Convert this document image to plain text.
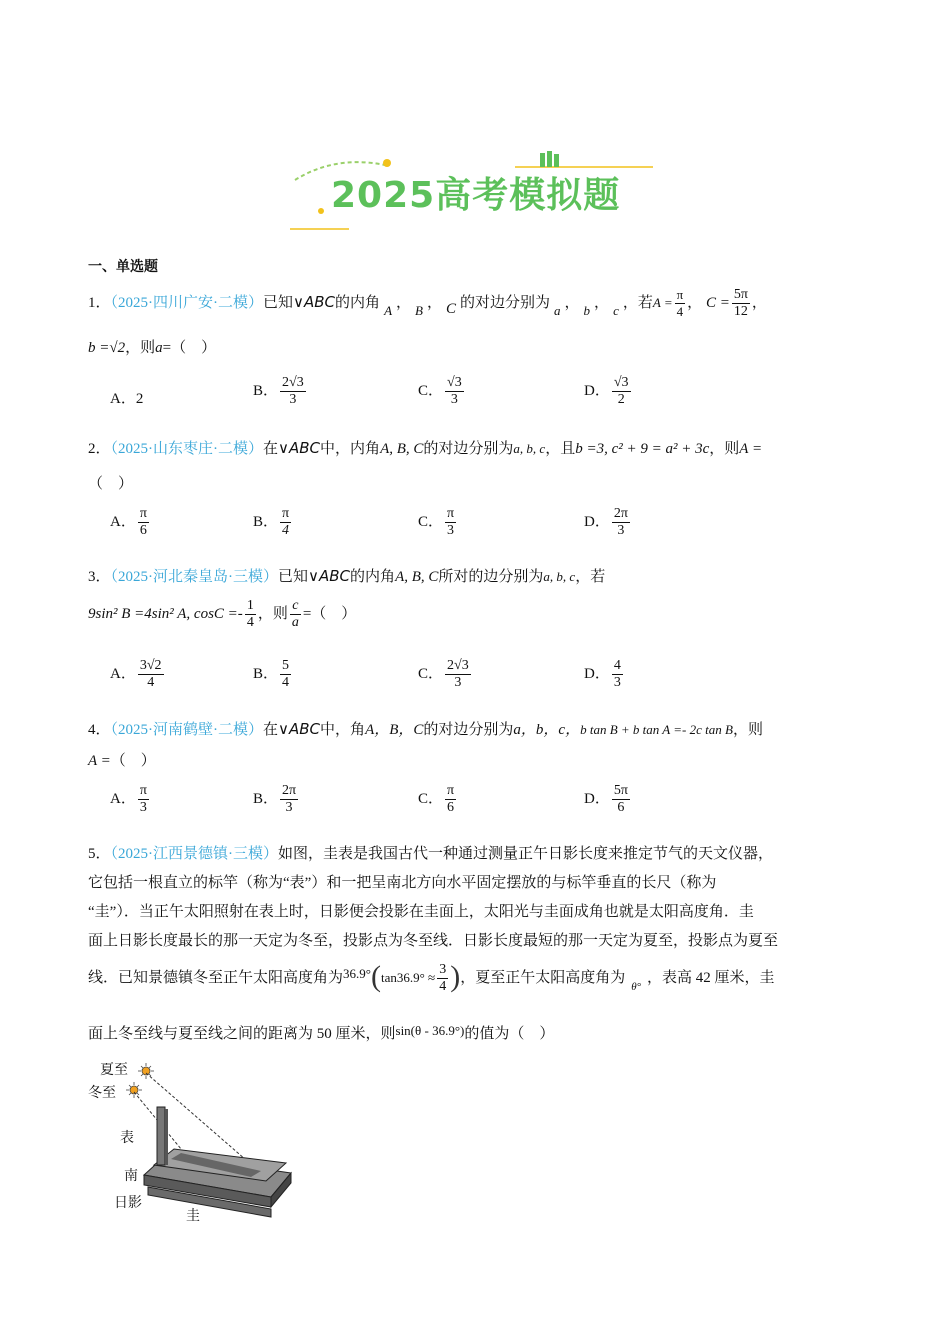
2025高考模拟题
一、单选题
1．（2025·四川广安·二模）已知∨ABC的内角 A ， B ， C 的对边分别为 a ， b ， c ，若$A = \frac{\pi}{4}$ ， $C = \frac{5\pi}{12}$ ，
b =√2，则a=（　）
A．2
B． $\frac{2√3}{3}$	C． $\frac{√3}{3}$	D． $\frac{√3}{2}$
2．（2025·山东枣庄·二模）在∨ABC中，内角A, B, C的对边分别为a, b, c，且b =3, c² + 9 = a² + 3c，则A =
（　）
A． $\frac{\pi}{6}$	B． $\frac{\pi}{4}$	C． $\frac{\pi}{3}$	D． $\frac{2\pi}{3}$
3．（2025·河北秦皇岛·三模）已知∨ABC的内角A, B, C所对的边分别为a, b, c，若
9sin² B =4sin² A, $\cos C =- \frac{1}{4}$ ，则 $\frac{c}{a}$ =（　）
A． $\frac{3√2}{4}$	B． $\frac{5}{4}$	C． $\frac{2√3}{3}$	D． $\frac{4}{3}$
4．（2025·河南鹤壁·二模）在∨ABC中，角A，B，C的对边分别为a，b，c，b tan B + b tan A =- 2c tan B，则
A =（　）
A． $\frac{\pi}{3}$	B． $\frac{2\pi}{3}$	C． $\frac{\pi}{6}$	D． $\frac{5\pi}{6}$
5．（2025·江西景德镇·三模）如图，圭表是我国古代一种通过测量正午日影长度来推定节气的天文仪器，
它包括一根直立的标竿（称为“表”）和一把呈南北方向水平固定摆放的与标竿垂直的长尺（称为
“圭”）．当正午太阳照射在表上时，日影便会投影在圭面上，太阳光与圭面成角也就是太阳高度角．圭
面上日影长度最长的那一天定为冬至，投影点为冬至线．日影长度最短的那一天定为夏至，投影点为夏至
线．已知景德镇冬至正午太阳高度角为$36.9^\circ(\tan 36.9^\circ \approx \frac{3}{4}$ )，夏至正午太阳高度角为$_{\theta^\circ}$，表高 42 厘米，圭
面上冬至线与夏至线之间的距离为 50 厘米，则sin(θ - 36.9°)的值为（　）
夏至
冬至
表
南
日影
圭
